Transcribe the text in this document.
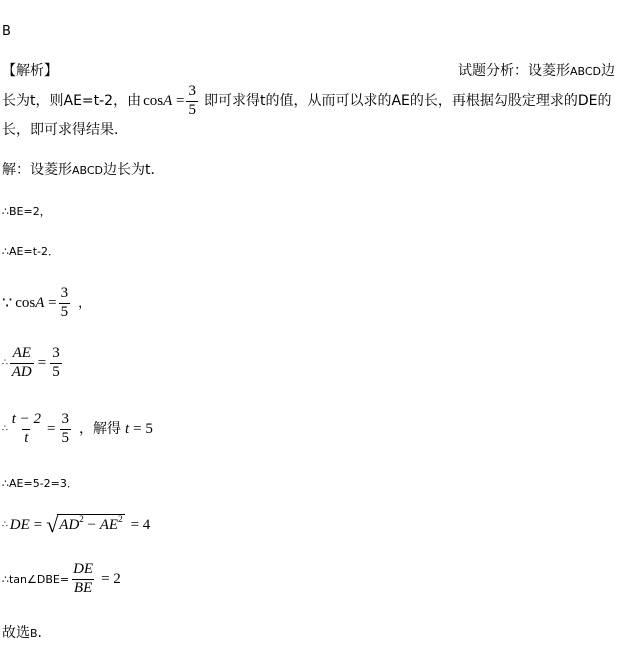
B
【解析】	试题分析：设菱形ABCD边
长为t，则AE=t-2，由 $\cos A = \frac{3}{5}$ 即可求得t的值，从而可以求的AE的长，再根据勾股定理求的DE的
长，即可求得结果.
解：设菱形ABCD边长为t．
∴BE=2，
∴AE=t-2．
∵ $\cos A = \frac{3}{5}$ ，
∴ $\frac{AE}{AD} = \frac{3}{5}$
∴ $\frac{t - 2}{t} = \frac{3}{5}$ ，解得 t = 5
∴AE=5-2=3．
∴ DE = √ $AD^2 - AE^2 = 4$
∴tan∠DBE= $\frac{DE}{BE} = 2$
故选B．
